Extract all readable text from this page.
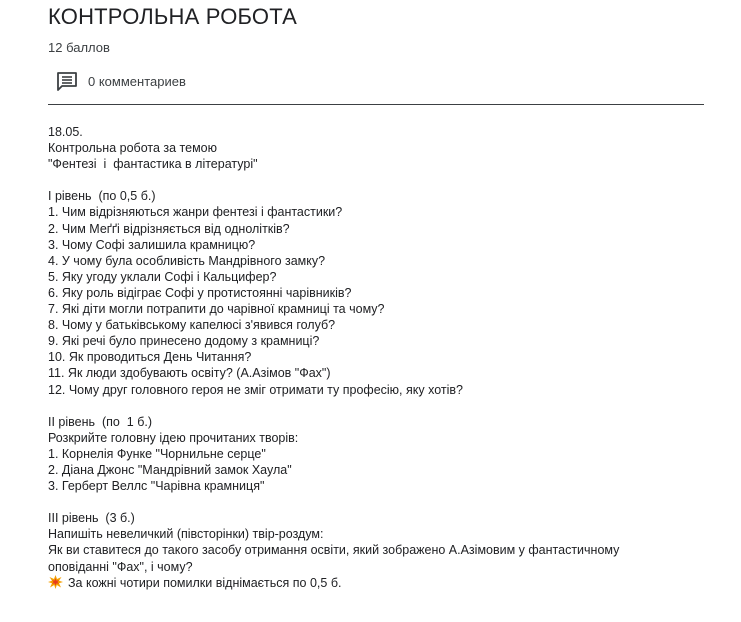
КОНТРОЛЬНА РОБОТА
12 баллов
0 комментариев
18.05.
Контрольна робота за темою
"Фентезі  і  фантастика в літературі"
І рівень  (по 0,5 б.)
1. Чим відрізняються жанри фентезі і фантастики?
2. Чим Меґґі відрізняється від однолітків?
3. Чому Софі залишила крамницю?
4. У чому була особливість Мандрівного замку?
5. Яку угоду уклали Софі і Кальцифер?
6. Яку роль відіграє Софі у протистоянні чарівників?
7. Які діти могли потрапити до чарівної крамниці та чому?
8. Чому у батьківському капелюсі з'явився голуб?
9. Які речі було принесено додому з крамниці?
10. Як проводиться День Читання?
11. Як люди здобувають освіту? (А.Азімов "Фах")
12. Чому друг головного героя не зміг отримати ту професію, яку хотів?
ІІ рівень  (по  1 б.)
Розкрийте головну ідею прочитаних творів:
1. Корнелія Функе "Чорнильне серце"
2. Діана Джонс "Мандрівний замок Хаула"
3. Герберт Веллс "Чарівна крамниця"
ІІІ рівень  (3 б.)
Напишіть невеличкий (півсторінки) твір-роздум:
Як ви ставитеся до такого засобу отримання освіти, який зображено А.Азімовим у фантастичному
оповіданні "Фах", і чому?
За кожні чотири помилки віднімається по 0,5 б.
